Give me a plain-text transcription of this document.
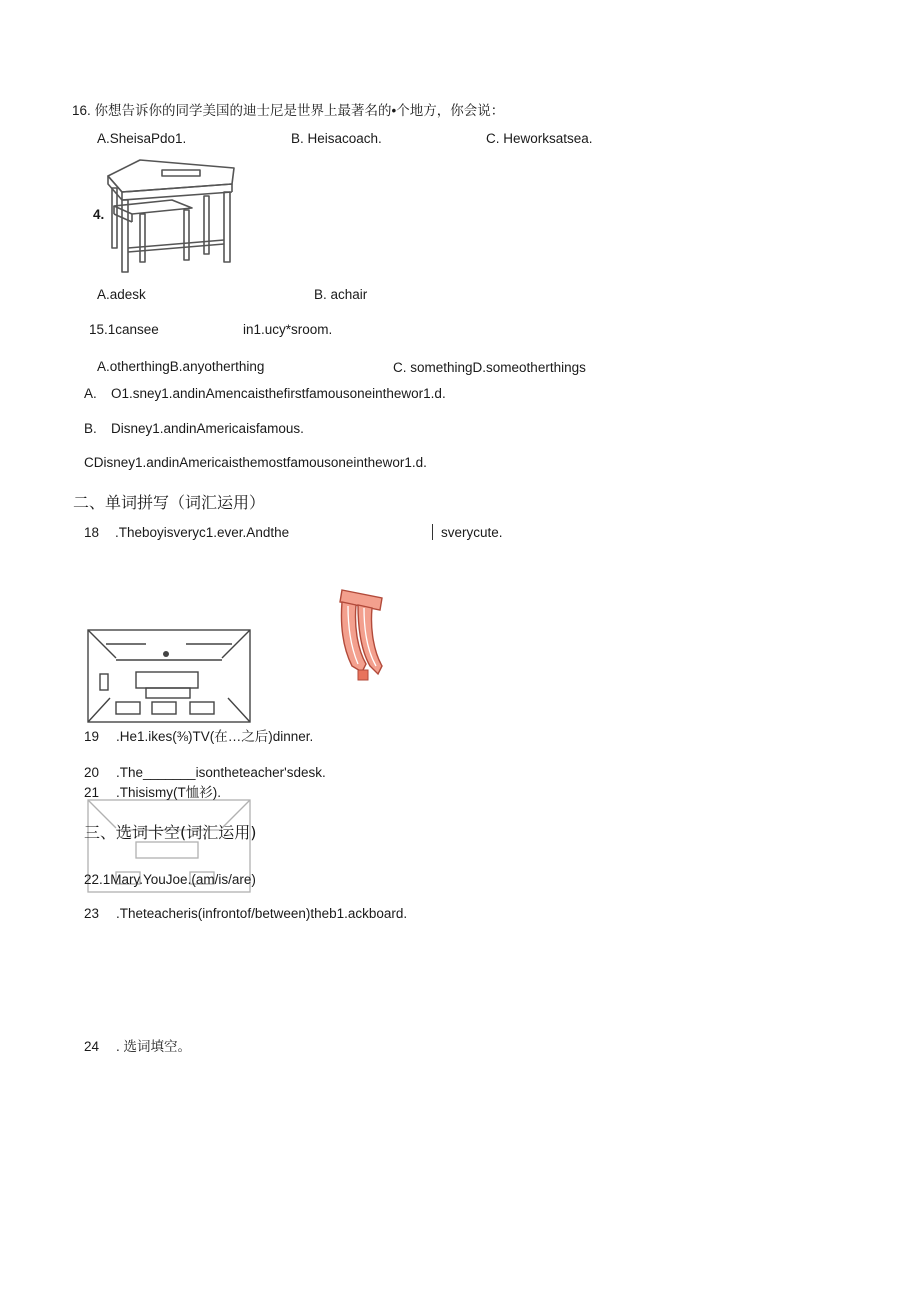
16. 你想告诉你的同学美国的迪士尼是世界上最著名的•个地方，你会说：
A.SheisaPdo1.	B. Heisacoach.	C. Heworksatsea.
4.
A.adesk	B. achair
15.1cansee	in1.ucy*sroom.
A.otherthingB.anyotherthing	C. somethingD.someotherthings
A. O1.sney1.andinAmencaisthefirstfamousoneinthewor1.d.
B. Disney1.andinAmericaisfamous.
CDisney1.andinAmericaisthemostfamousoneinthewor1.d.
二、单词拼写（词汇运用）
18 .Theboyisveryc1.ever.Andthe	sverycute.
19 .He1.ikes(⅜)TV(在…之后)dinner.
20 .The_______isontheteacher'sdesk.
21 .Thisismy(T恤衫).
三、选词卡空(词汇运用)
22.1Mary.YouJoe.(am/is/are)
23 .Theteacheris(infrontof/between)theb1.ackboard.
24 . 选词填空。
